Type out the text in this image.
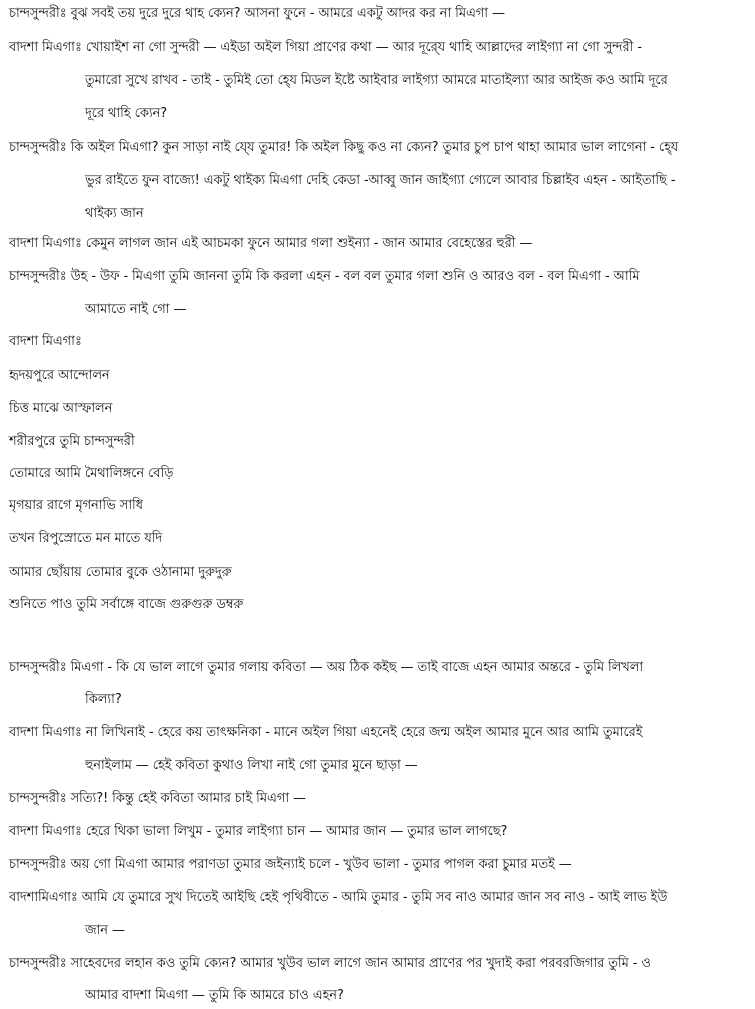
চান্দসুন্দরীঃ বুঝ সবই তয় দুরে দুরে থাহ ক্যেন? আসনা ফুনে - আমরে একটু আদর কর না মিএগা —
বাদশা মিএগাঃ খোয়াইশ না গো সুন্দরী — এইডা অইল গিয়া প্রাণের কথা — আর দূরে্য থাহি আল্লাদের লাইগ্যা না গো সুন্দরী -
তুমারো সুখে রাখব - তাই - তুমিই তো হে্য মিডল ইষ্টে আইবার লাইগ্যা আমরে মাতাইল্যা আর আইজ কও আমি দূরে
দূরে থাহি ক্যেন?
চান্দসুন্দরীঃ কি অইল মিএগা? কুন সাড়া নাই যে্য তুমার! কি অইল কিছু কও না ক্যেন? তুমার চুপ চাপ থাহা আমার ভাল লাগেনা - হে্য
ভুর রাইতে ফুন বাজ্যে! একটু থাইক্য মিএগা দেহি কেডা -আব্বু জান জাইগ্যা গ্যেলে আবার চিল্লাইব এহন - আইতাছি -
থাইক্য জান
বাদশা মিএগাঃ কেমুন লাগল জান এই আচমকা ফুনে আমার গলা শুইন্যা - জান আমার বেহেস্তের হুরী —
চান্দসুন্দরীঃ উহ - উফ - মিএগা তুমি জাননা তুমি কি করলা এহন - বল বল তুমার গলা শুনি ও আরও বল - বল মিএগা - আমি
আমাতে নাই গো —
বাদশা মিএগাঃ
হৃদয়পুরে আন্দোলন
চিত্ত মাঝে আস্ফালন
শরীরপুরে তুমি চান্দসুন্দরী
তোমারে আমি মৈথালিঙ্গনে বেড়ি
মৃগয়ার রাগে মৃগনাভি সাধি
তখন রিপুস্রোতে মন মাতে যদি
আমার ছোঁয়ায় তোমার বুকে ওঠানামা দুরুদুরু
শুনিতে পাও তুমি সর্বাঙ্গে বাজে গুরুগুরু ডম্বরু
চান্দসুন্দরীঃ মিএগা - কি যে ভাল লাগে তুমার গলায় কবিতা — অয় ঠিক কইছ — তাই বাজে এহন আমার অন্তরে - তুমি লিখলা
কিল্যা?
বাদশা মিএগাঃ না লিখিনাই - হেরে কয় তাৎক্ষনিকা - মানে অইল গিয়া এহনেই হেরে জন্ম অইল আমার মুনে আর আমি তুমারেই
হুনাইলাম — হেই কবিতা কুথাও লিখা নাই গো তুমার মুনে ছাড়া —
চান্দসুন্দরীঃ সত্যি?! কিন্তু হেই কবিতা আমার চাই মিএগা —
বাদশা মিএগাঃ হেরে থিকা ভালা লিখুম - তুমার লাইগ্যা চান — আমার জান — তুমার ভাল লাগছে?
চান্দসুন্দরীঃ অয় গো মিএগা আমার পরাণডা তুমার জইন্যাই চলে - খুউব ভালা - তুমার পাগল করা চুমার মতই —
বাদশামিএগাঃ আমি যে তুমারে সুখ দিতেই আইছি হেই পৃথিবীতে - আমি তুমার - তুমি সব নাও আমার জান সব নাও - আই লাভ ইউ
জান —
চান্দসুন্দরীঃ সাহেবদের লহান কও তুমি ক্যেন? আমার খুউব ভাল লাগে জান আমার প্রাণের পর খুদাই করা পরবরজিগার তুমি - ও
আমার বাদশা মিএগা — তুমি কি আমরে চাও এহন?
